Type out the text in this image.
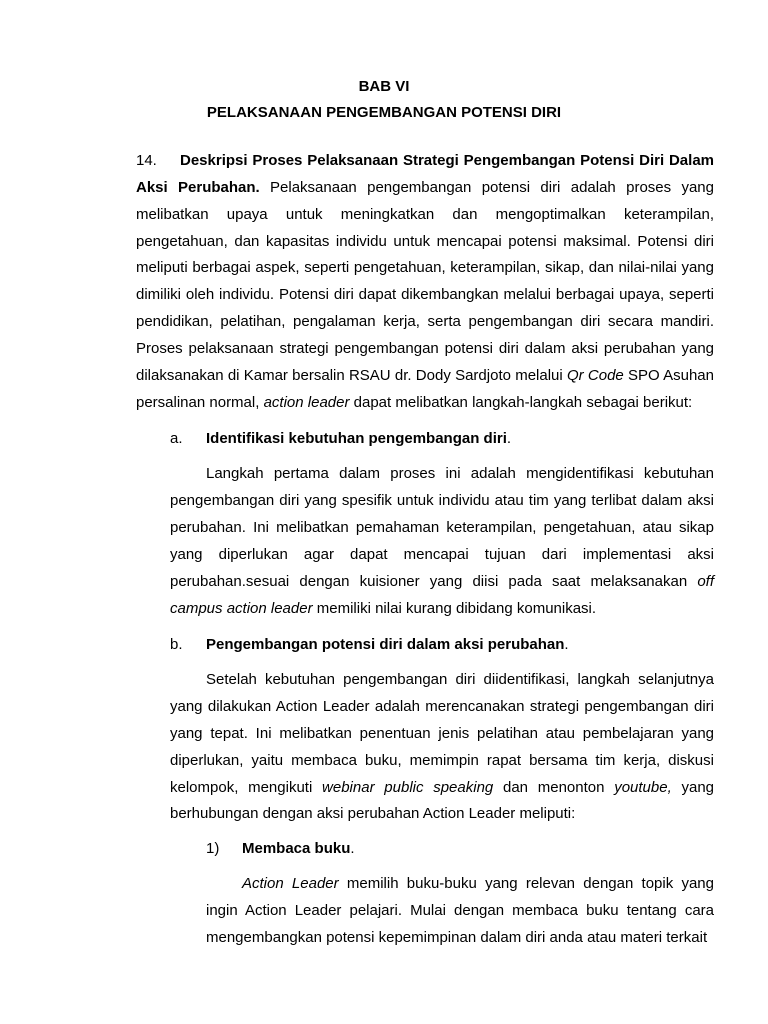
BAB VI
PELAKSANAAN PENGEMBANGAN POTENSI DIRI

14. Deskripsi Proses Pelaksanaan Strategi Pengembangan Potensi Diri Dalam Aksi Perubahan. Pelaksanaan pengembangan potensi diri adalah proses yang melibatkan upaya untuk meningkatkan dan mengoptimalkan keterampilan, pengetahuan, dan kapasitas individu untuk mencapai potensi maksimal. Potensi diri meliputi berbagai aspek, seperti pengetahuan, keterampilan, sikap, dan nilai-nilai yang dimiliki oleh individu. Potensi diri dapat dikembangkan melalui berbagai upaya, seperti pendidikan, pelatihan, pengalaman kerja, serta pengembangan diri secara mandiri. Proses pelaksanaan strategi pengembangan potensi diri dalam aksi perubahan yang dilaksanakan di Kamar bersalin RSAU dr. Dody Sardjoto melalui Qr Code SPO Asuhan persalinan normal, action leader dapat melibatkan langkah-langkah sebagai berikut:

a. Identifikasi kebutuhan pengembangan diri.

Langkah pertama dalam proses ini adalah mengidentifikasi kebutuhan pengembangan diri yang spesifik untuk individu atau tim yang terlibat dalam aksi perubahan. Ini melibatkan pemahaman keterampilan, pengetahuan, atau sikap yang diperlukan agar dapat mencapai tujuan dari implementasi aksi perubahan.sesuai dengan kuisioner yang diisi pada saat melaksanakan off campus action leader memiliki nilai kurang dibidang komunikasi.

b. Pengembangan potensi diri dalam aksi perubahan.

Setelah kebutuhan pengembangan diri diidentifikasi, langkah selanjutnya yang dilakukan Action Leader adalah merencanakan strategi pengembangan diri yang tepat. Ini melibatkan penentuan jenis pelatihan atau pembelajaran yang diperlukan, yaitu membaca buku, memimpin rapat bersama tim kerja, diskusi kelompok, mengikuti webinar public speaking dan menonton youtube, yang berhubungan dengan aksi perubahan Action Leader meliputi:

1) Membaca buku.

Action Leader memilih buku-buku yang relevan dengan topik yang ingin Action Leader pelajari. Mulai dengan membaca buku tentang cara mengembangkan potensi kepemimpinan dalam diri anda atau materi terkait
